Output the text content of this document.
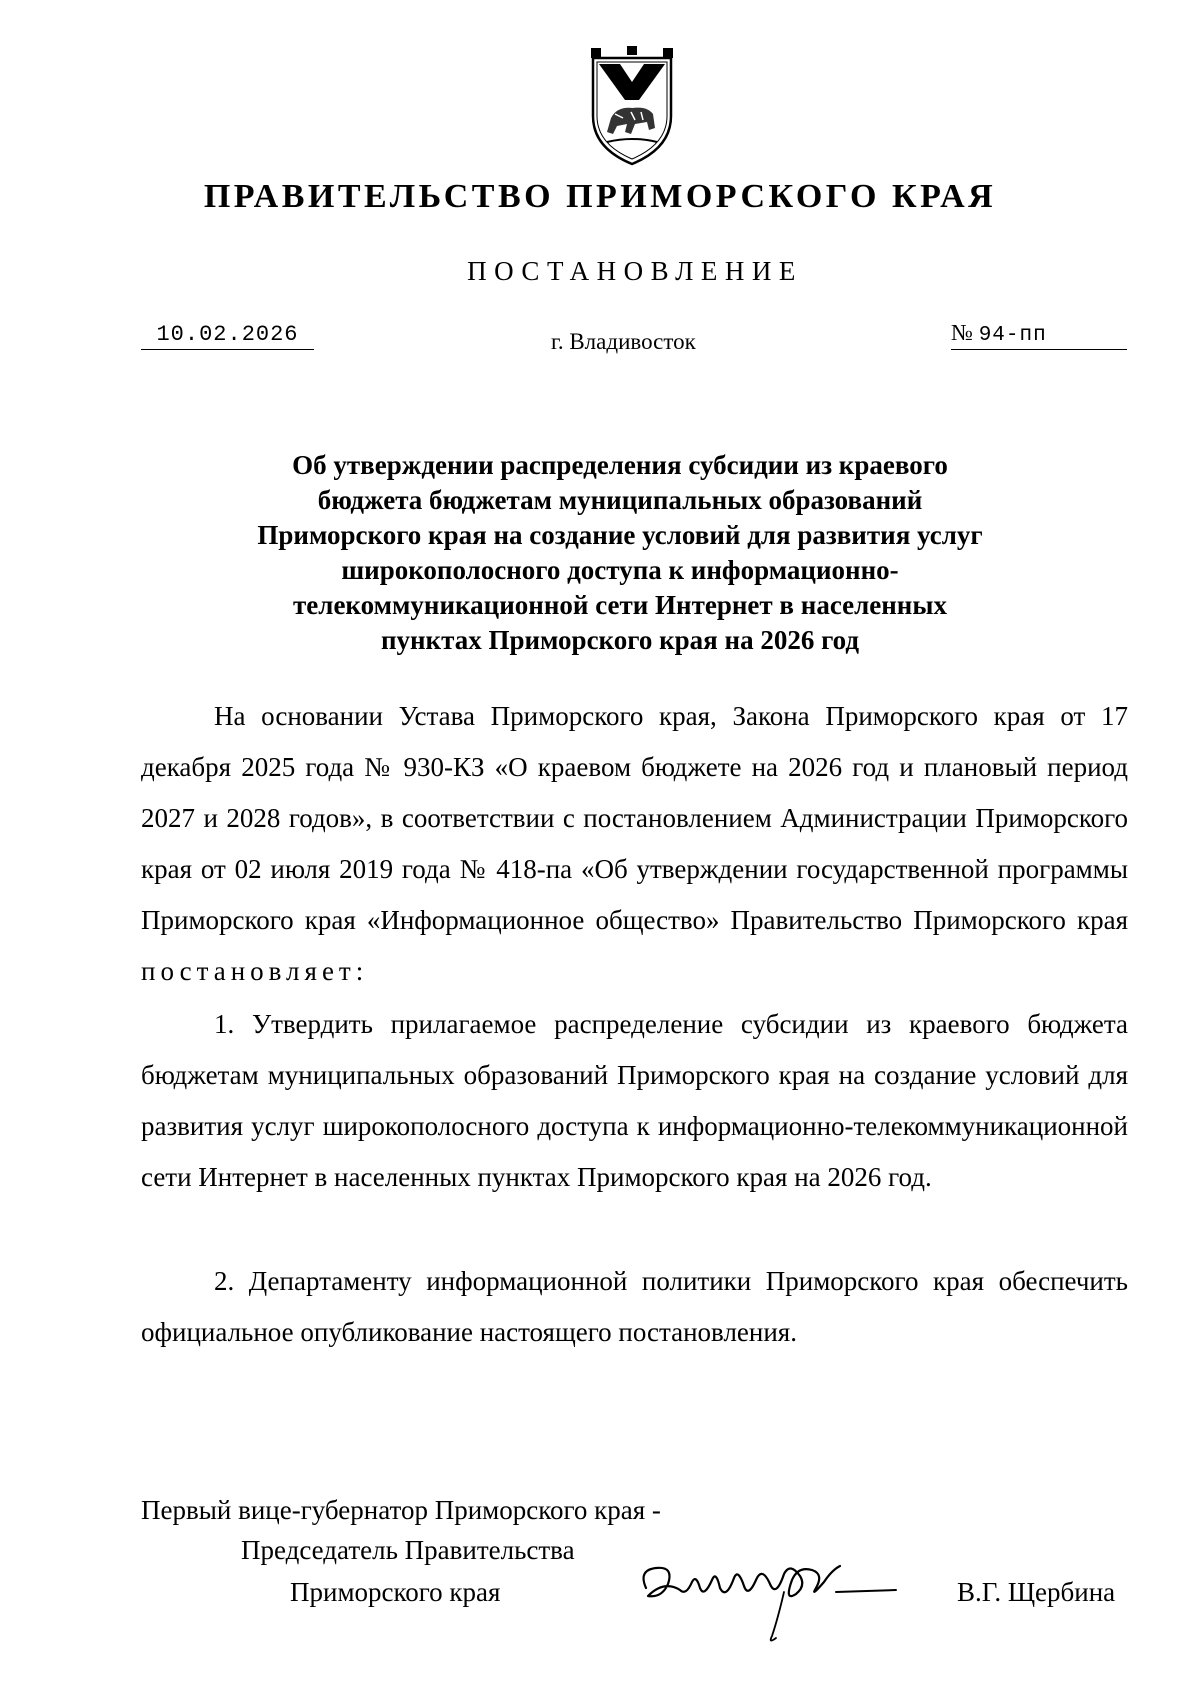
ПРАВИТЕЛЬСТВО ПРИМОРСКОГО КРАЯ
ПОСТАНОВЛЕНИЕ
10.02.2026	г. Владивосток	№ 94-пп
Об утверждении распределения субсидии из краевого бюджета бюджетам муниципальных образований Приморского края на создание условий для развития услуг широкополосного доступа к информационно-телекоммуникационной сети Интернет в населенных пунктах Приморского края на 2026 год
На основании Устава Приморского края, Закона Приморского края от 17 декабря 2025 года № 930-КЗ «О краевом бюджете на 2026 год и плановый период 2027 и 2028 годов», в соответствии с постановлением Администрации Приморского края от 02 июля 2019 года № 418-па «Об утверждении государственной программы Приморского края «Информационное общество» Правительство Приморского края постановляет:
1. Утвердить прилагаемое распределение субсидии из краевого бюджета бюджетам муниципальных образований Приморского края на создание условий для развития услуг широкополосного доступа к информационно-телекоммуникационной сети Интернет в населенных пунктах Приморского края на 2026 год.
2. Департаменту информационной политики Приморского края обеспечить официальное опубликование настоящего постановления.
Первый вице-губернатор Приморского края -
Председатель Правительства
Приморского края	В.Г. Щербина
